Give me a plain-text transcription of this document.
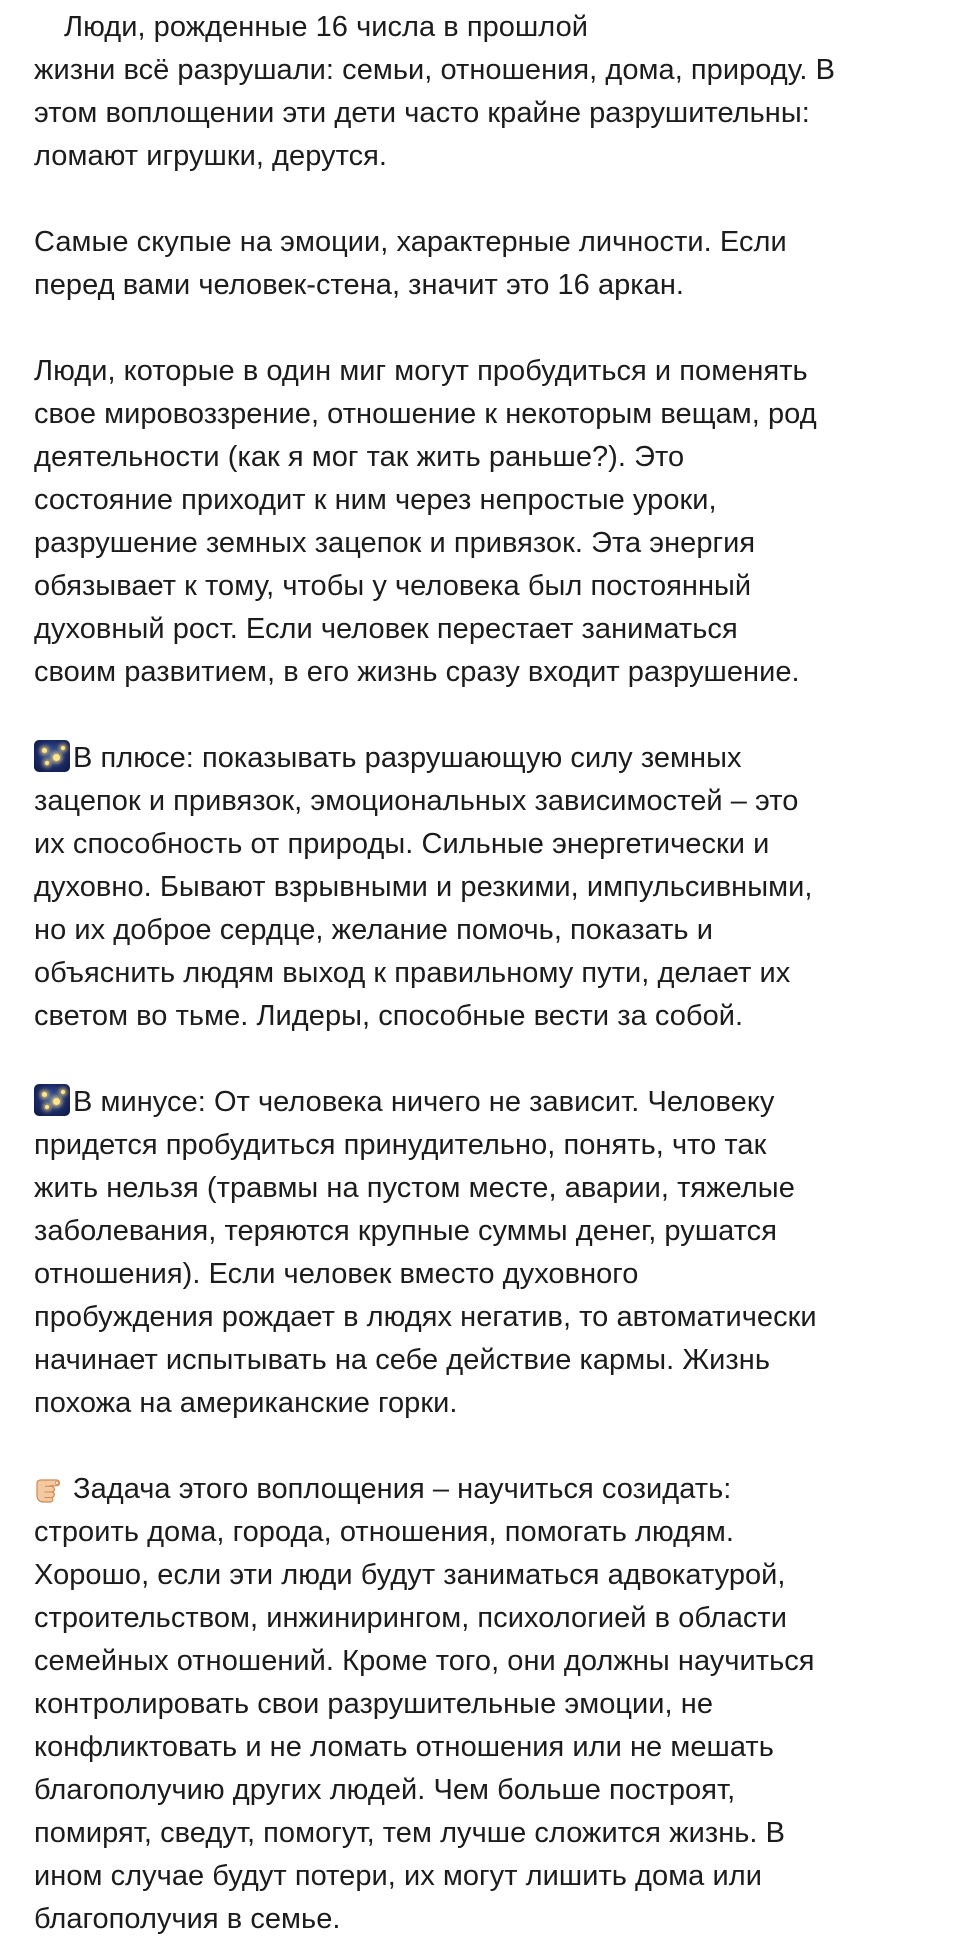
Люди, рожденные 16 числа в прошлой
жизни всё разрушали: семьи, отношения, дома, природу. В
этом воплощении эти дети часто крайне разрушительны:
ломают игрушки, дерутся.
Самые скупые на эмоции, характерные личности. Если
перед вами человек-стена, значит это 16 аркан.
Люди, которые в один миг могут пробудиться и поменять
свое мировоззрение, отношение к некоторым вещам, род
деятельности (как я мог так жить раньше?). Это
состояние приходит к ним через непростые уроки,
разрушение земных зацепок и привязок. Эта энергия
обязывает к тому, чтобы у человека был постоянный
духовный рост. Если человек перестает заниматься
своим развитием, в его жизнь сразу входит разрушение.
В плюсе: показывать разрушающую силу земных
зацепок и привязок, эмоциональных зависимостей – это
их способность от природы. Сильные энергетически и
духовно. Бывают взрывными и резкими, импульсивными,
но их доброе сердце, желание помочь, показать и
объяснить людям выход к правильному пути, делает их
светом во тьме. Лидеры, способные вести за собой.
В минусе: От человека ничего не зависит. Человеку
придется пробудиться принудительно, понять, что так
жить нельзя (травмы на пустом месте, аварии, тяжелые
заболевания, теряются крупные суммы денег, рушатся
отношения). Если человек вместо духовного
пробуждения рождает в людях негатив, то автоматически
начинает испытывать на себе действие кармы. Жизнь
похожа на американские горки.
Задача этого воплощения – научиться созидать:
строить дома, города, отношения, помогать людям.
Хорошо, если эти люди будут заниматься адвокатурой,
строительством, инжинирингом, психологией в области
семейных отношений. Кроме того, они должны научиться
контролировать свои разрушительные эмоции, не
конфликтовать и не ломать отношения или не мешать
благополучию других людей. Чем больше построят,
помирят, сведут, помогут, тем лучше сложится жизнь. В
ином случае будут потери, их могут лишить дома или
благополучия в семье.
